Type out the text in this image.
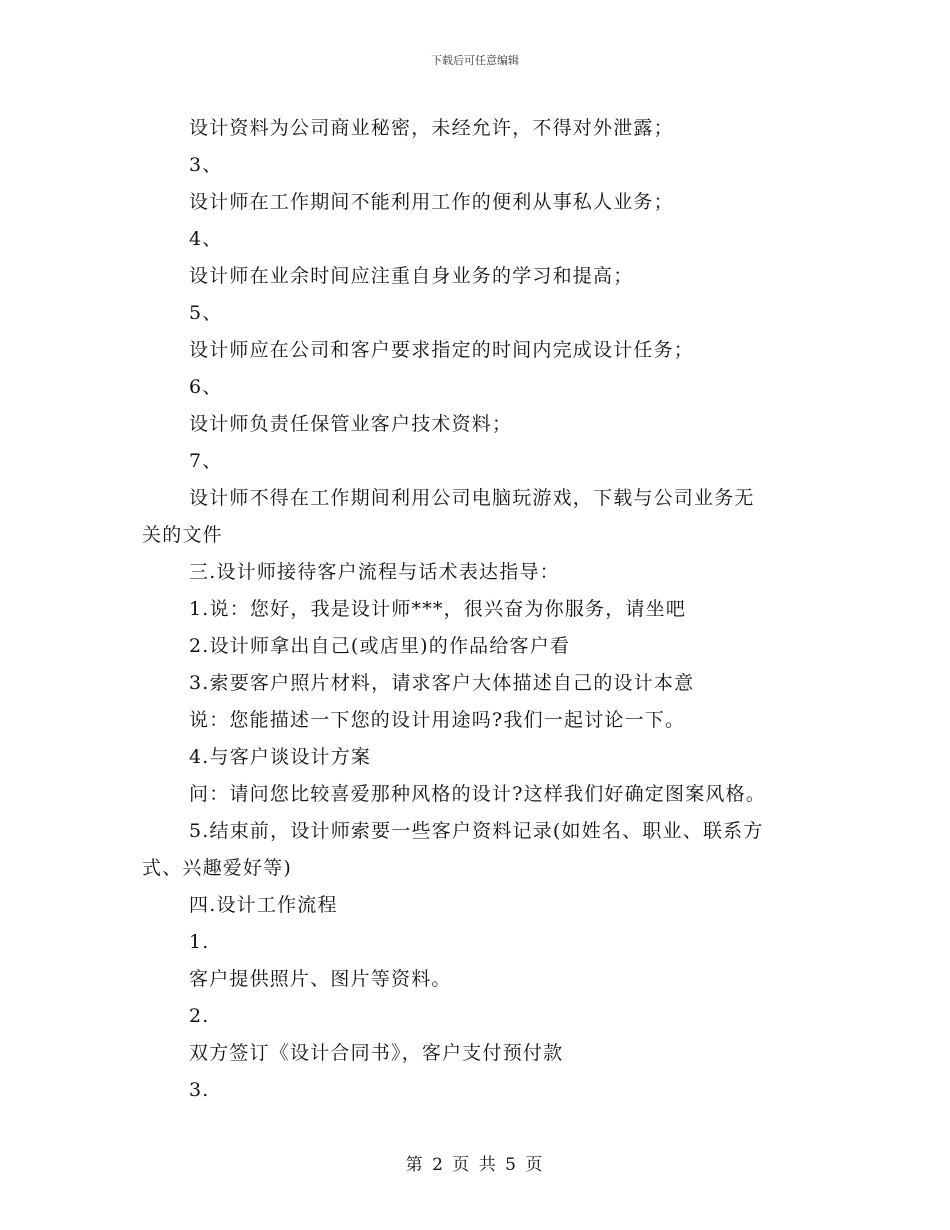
下载后可任意编辑
设计资料为公司商业秘密，未经允许，不得对外泄露；
3、
设计师在工作期间不能利用工作的便利从事私人业务；
4、
设计师在业余时间应注重自身业务的学习和提高；
5、
设计师应在公司和客户要求指定的时间内完成设计任务；
6、
设计师负责任保管业客户技术资料；
7、
设计师不得在工作期间利用公司电脑玩游戏，下载与公司业务无
关的文件
三.设计师接待客户流程与话术表达指导：
1.说：您好，我是设计师***，很兴奋为你服务，请坐吧
2.设计师拿出自己(或店里)的作品给客户看
3.索要客户照片材料，请求客户大体描述自己的设计本意
说：您能描述一下您的设计用途吗?我们一起讨论一下。
4.与客户谈设计方案
问：请问您比较喜爱那种风格的设计?这样我们好确定图案风格。
5.结束前，设计师索要一些客户资料记录(如姓名、职业、联系方
式、兴趣爱好等)
四.设计工作流程
1.
客户提供照片、图片等资料。
2.
双方签订《设计合同书》，客户支付预付款
3.
第 2 页 共 5 页
